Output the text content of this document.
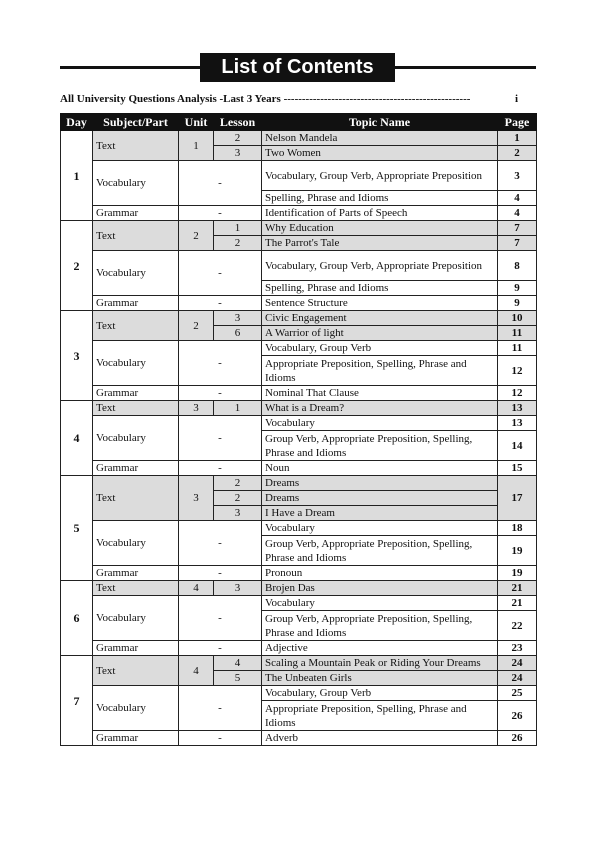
List of Contents
All University Questions Analysis -Last 3 Years ---------------------------------------------------	i
Day	Subject/Part	Unit	Lesson	Topic Name	Page
1	Text	1	2	Nelson Mandela	1
			3	Two Women	2
	Vocabulary	-		Vocabulary, Group Verb, Appropriate Preposition	3
				Spelling, Phrase and Idioms	4
	Grammar	-		Identification of Parts of Speech	4
2	Text	2	1	Why Education	7
			2	The Parrot's Tale	7
	Vocabulary	-		Vocabulary, Group Verb, Appropriate Preposition	8
				Spelling, Phrase and Idioms	9
	Grammar	-		Sentence Structure	9
3	Text	2	3	Civic Engagement	10
			6	A Warrior of light	11
	Vocabulary	-		Vocabulary, Group Verb	11
				Appropriate Preposition, Spelling, Phrase and Idioms	12
	Grammar	-		Nominal That Clause	12
4	Text	3	1	What is a Dream?	13
	Vocabulary	-		Vocabulary	13
				Group Verb, Appropriate Preposition, Spelling, Phrase and Idioms	14
	Grammar	-		Noun	15
5	Text	3	2	Dreams	17
			2	Dreams	
			3	I Have a Dream	
	Vocabulary	-		Vocabulary	18
				Group Verb, Appropriate Preposition, Spelling, Phrase and Idioms	19
	Grammar	-		Pronoun	19
6	Text	4	3	Brojen Das	21
	Vocabulary	-		Vocabulary	21
				Group Verb, Appropriate Preposition, Spelling, Phrase and Idioms	22
	Grammar	-		Adjective	23
7	Text	4	4	Scaling a Mountain Peak or Riding Your Dreams	24
			5	The Unbeaten Girls	24
	Vocabulary	-		Vocabulary, Group Verb	25
				Appropriate Preposition, Spelling, Phrase and Idioms	26
	Grammar	-		Adverb	26
